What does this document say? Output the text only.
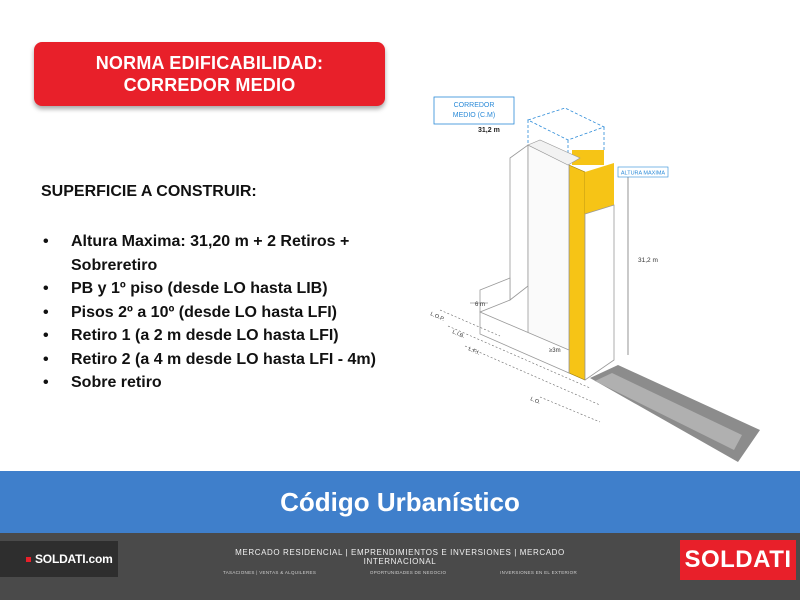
NORMA EDIFICABILIDAD:
CORREDOR MEDIO
SUPERFICIE A CONSTRUIR:
• Altura Maxima: 31,20 m + 2 Retiros +
Sobreretiro
• PB y 1º piso (desde LO hasta LIB)
• Pisos 2º a 10º (desde LO hasta LFI)
• Retiro 1 (a 2 m desde LO hasta LFI)
• Retiro 2 (a 4 m desde LO hasta LFI - 4m)
• Sobre retiro
CORREDOR
MEDIO (C.M)
31,2 m
ALTURA MAXIMA
31,2 m
6 m
≥3m
L.O.P.
L.I.B.
L.F.I.
L.O.
Código Urbanístico
SOLDATI.com	MERCADO RESIDENCIAL | EMPRENDIMIENTOS E INVERSIONES | MERCADO INTERNACIONAL
TASACIONES | VENTAS & ALQUILERES	OPORTUNIDADES DE NEGOCIO	INVERSIONES EN EL EXTERIOR	SOLDATI
